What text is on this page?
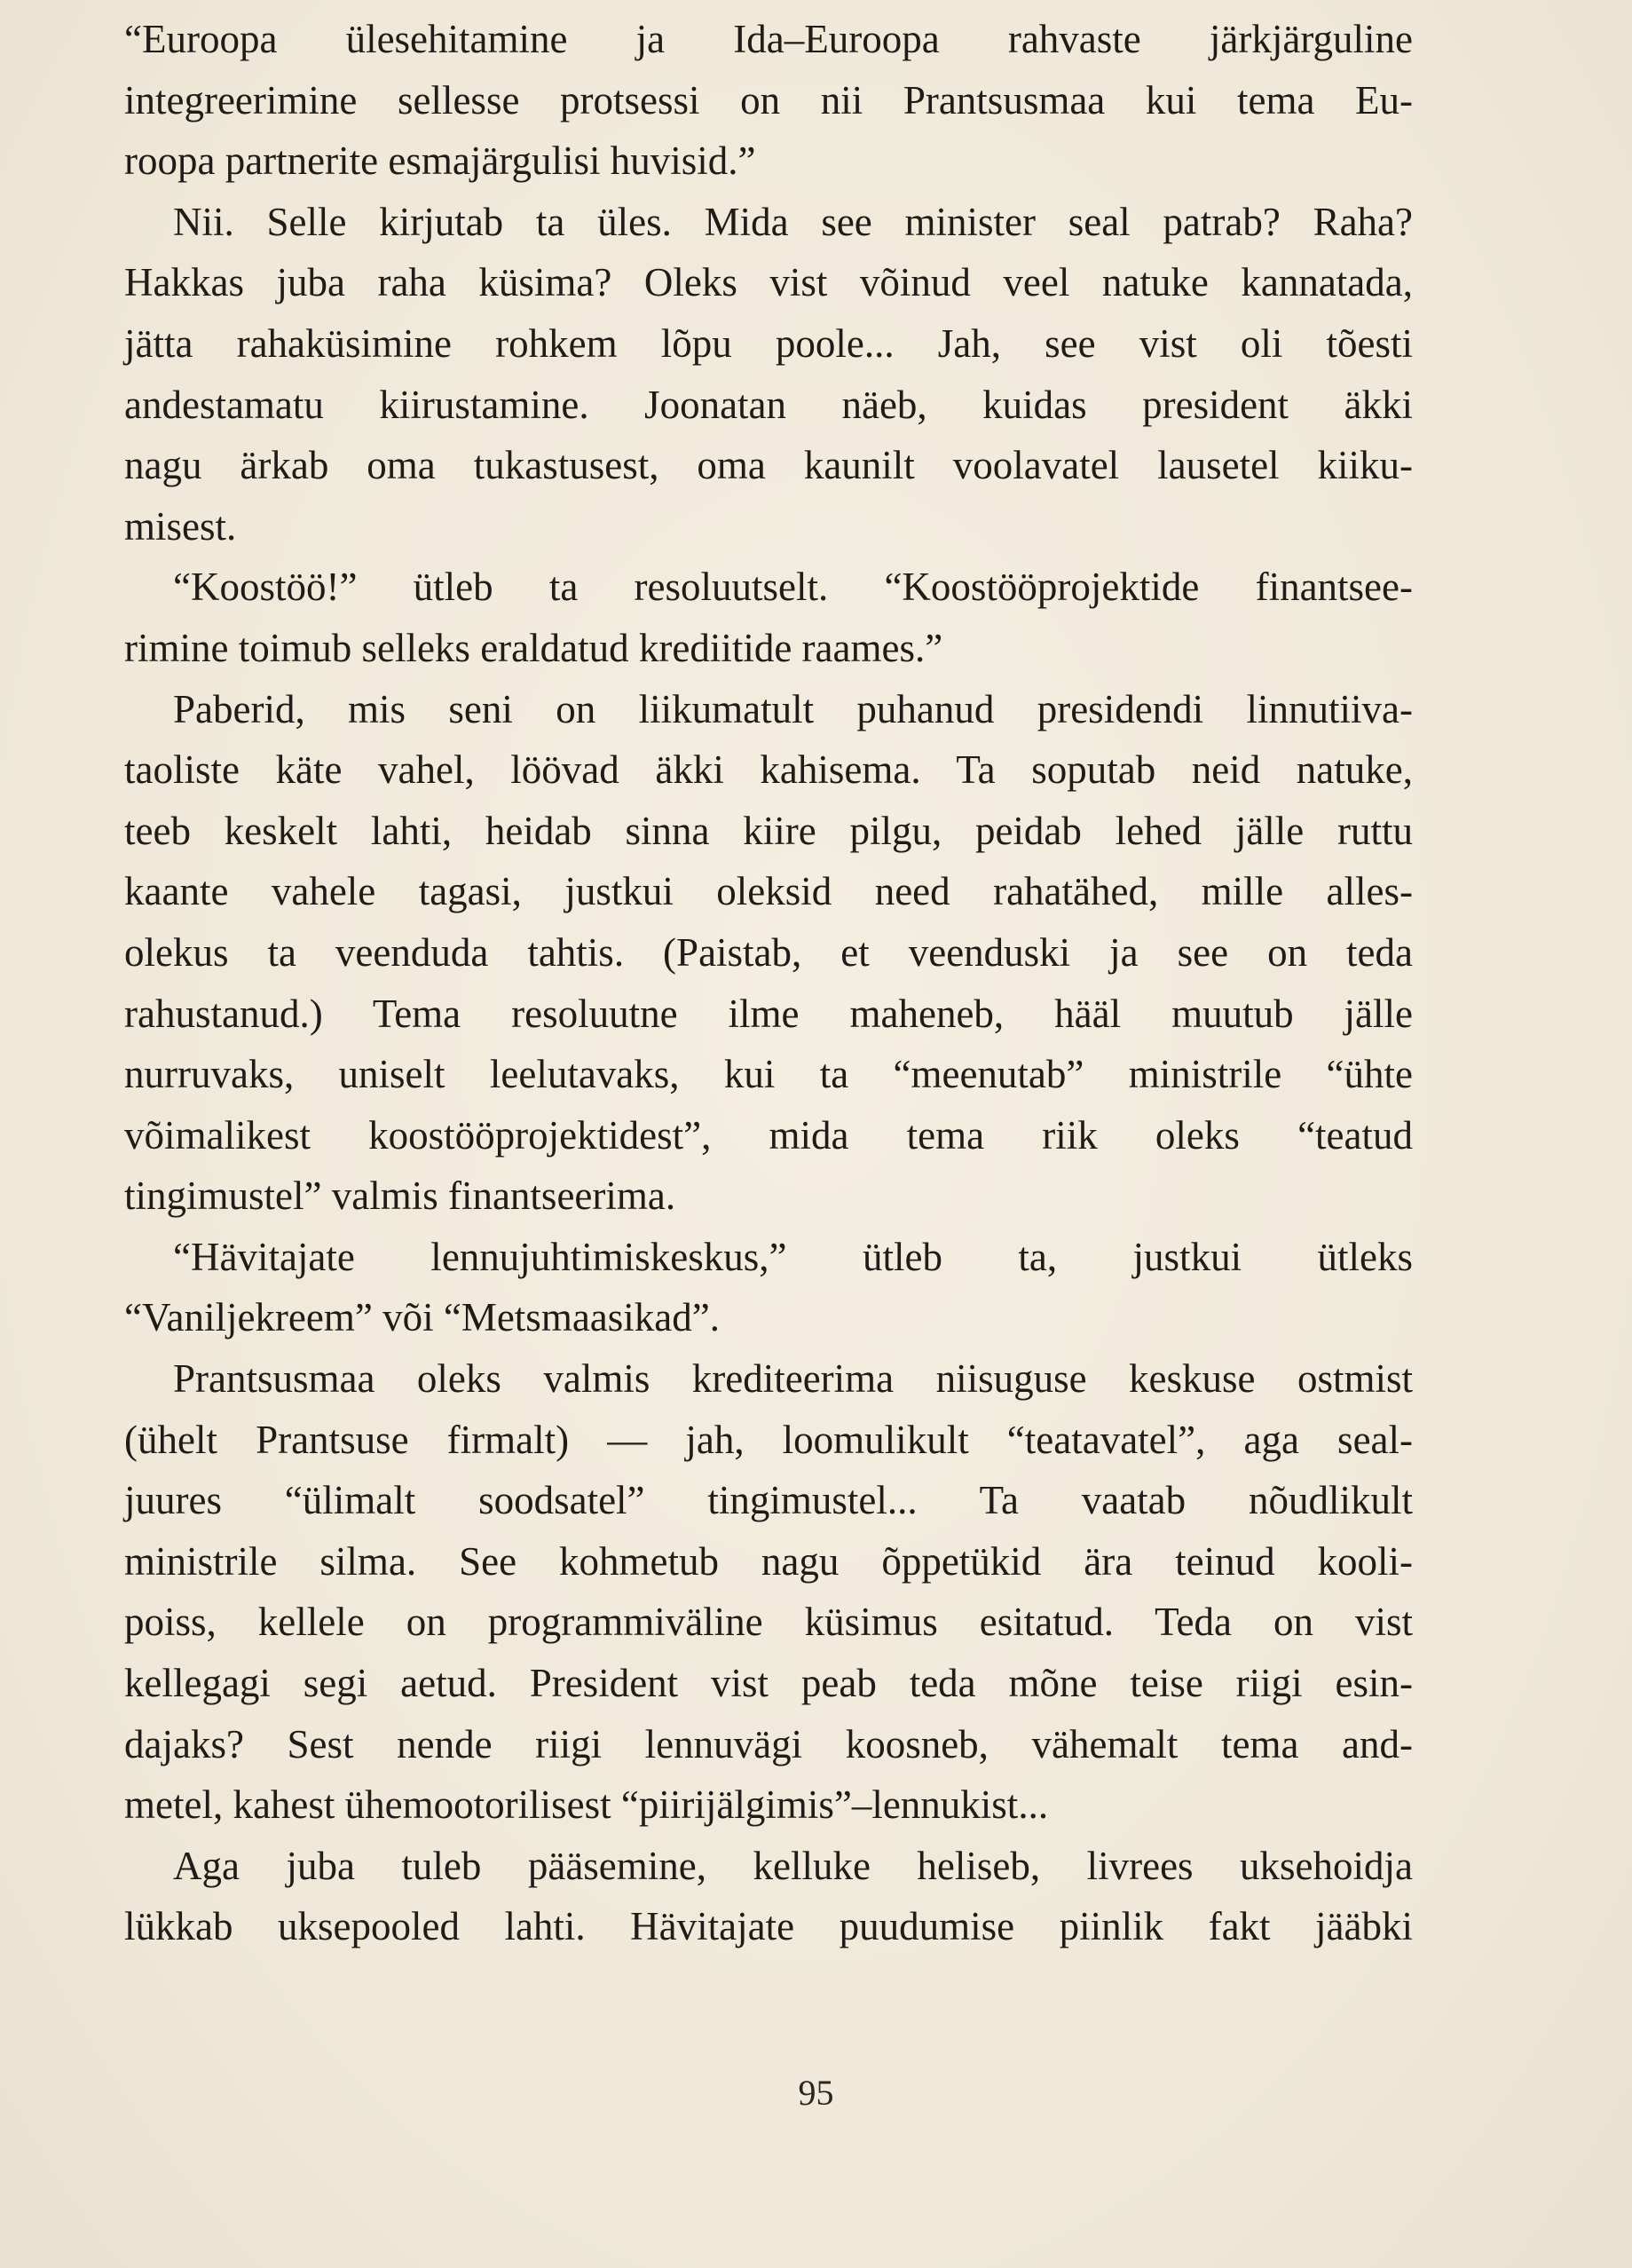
“Euroopa ülesehitamine ja Ida–Euroopa rahvaste järkjärguline
integreerimine sellesse protsessi on nii Prantsusmaa kui tema Eu-
roopa partnerite esmajärgulisi huvisid.”
Nii. Selle kirjutab ta üles. Mida see minister seal patrab? Raha?
Hakkas juba raha küsima? Oleks vist võinud veel natuke kannatada,
jätta rahaküsimine rohkem lõpu poole... Jah, see vist oli tõesti
andestamatu kiirustamine. Joonatan näeb, kuidas president äkki
nagu ärkab oma tukastusest, oma kaunilt voolavatel lausetel kiiku-
misest.
“Koostöö!” ütleb ta resoluutselt. “Koostööprojektide finantsee-
rimine toimub selleks eraldatud krediitide raames.”
Paberid, mis seni on liikumatult puhanud presidendi linnutiiva-
taoliste käte vahel, löövad äkki kahisema. Ta soputab neid natuke,
teeb keskelt lahti, heidab sinna kiire pilgu, peidab lehed jälle ruttu
kaante vahele tagasi, justkui oleksid need rahatähed, mille alles-
olekus ta veenduda tahtis. (Paistab, et veenduski ja see on teda
rahustanud.) Tema resoluutne ilme maheneb, hääl muutub jälle
nurruvaks, uniselt leelutavaks, kui ta “meenutab” ministrile “ühte
võimalikest koostööprojektidest”, mida tema riik oleks “teatud
tingimustel” valmis finantseerima.
“Hävitajate lennujuhtimiskeskus,” ütleb ta, justkui ütleks
“Vaniljekreem” või “Metsmaasikad”.
Prantsusmaa oleks valmis krediteerima niisuguse keskuse ostmist
(ühelt Prantsuse firmalt) — jah, loomulikult “teatavatel”, aga seal-
juures “ülimalt soodsatel” tingimustel... Ta vaatab nõudlikult
ministrile silma. See kohmetub nagu õppetükid ära teinud kooli-
poiss, kellele on programmiväline küsimus esitatud. Teda on vist
kellegagi segi aetud. President vist peab teda mõne teise riigi esin-
dajaks? Sest nende riigi lennuvägi koosneb, vähemalt tema and-
metel, kahest ühemootorilisest “piirijälgimis”–lennukist...
Aga juba tuleb pääsemine, kelluke heliseb, livrees uksehoidja
lükkab uksepooled lahti. Hävitajate puudumise piinlik fakt jääbki
95
